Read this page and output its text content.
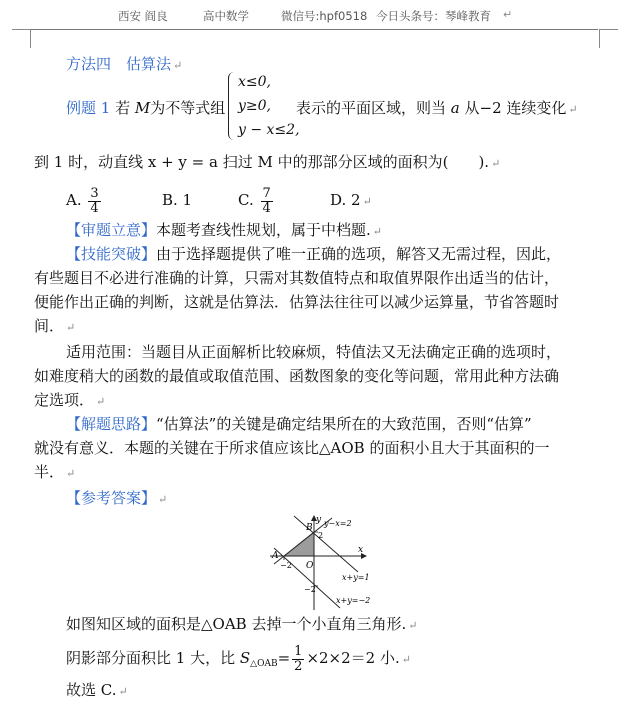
西安 阎良	高中数学	微信号:hpf0518 今日头条号：琴峰教育 ↵
方法四　估算法 ↵
例题 1 若 M为不等式组
x≤0,
y≥0,
y − x≤2,
表示的平面区域，则当 a 从−2 连续变化 ↵
到 1 时，动直线 x + y = a 扫过 M 中的那部分区域的面积为(　　). ↵
A. $\frac{3}{4}$	B. 1	C. $\frac{7}{4}$	D. 2 ↵
【审题立意】本题考查线性规划，属于中档题. ↵
【技能突破】由于选择题提供了唯一正确的选项，解答又无需过程，因此，
有些题目不必进行准确的计算，只需对其数值特点和取值界限作出适当的估计，
便能作出正确的判断，这就是估算法．估算法往往可以减少运算量，节省答题时
间． ↵
适用范围：当题目从正面解析比较麻烦，特值法又无法确定正确的选项时，
如难度稍大的函数的最值或取值范围、函数图象的变化等问题，常用此种方法确
定选项． ↵
【解题思路】“估算法”的关键是确定结果所在的大致范围，否则“估算”
就没有意义．本题的关键在于所求值应该比△AOB 的面积小且大于其面积的一
半． ↵
【参考答案】 ↵
B
2
y y−x=2
A
−2 O
x
x+y=1
−2
x+y=−2
如图知区域的面积是△OAB 去掉一个小直角三角形. ↵
阴影部分面积比 1 大，比 $S_{\triangle OAB}= \frac{1}{2} \times 2\times 2=2$ 小. ↵
故选 C. ↵
